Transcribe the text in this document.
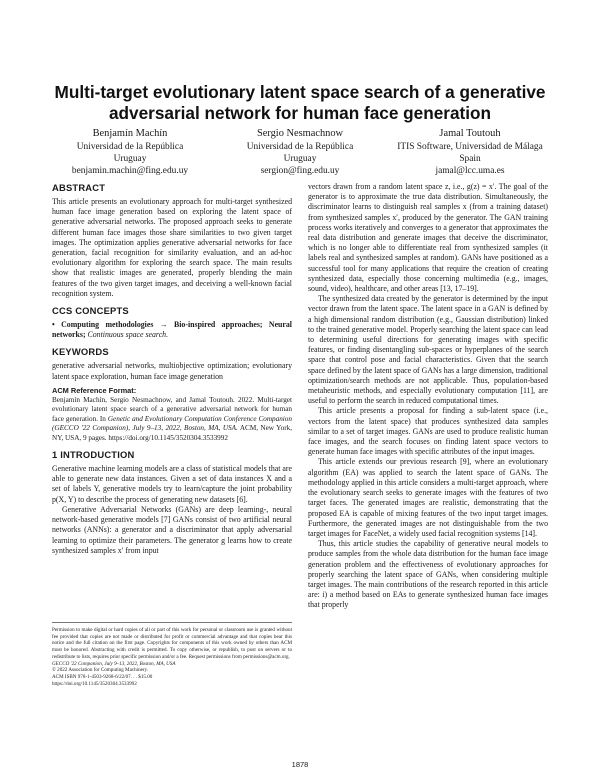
Multi-target evolutionary latent space search of a generative adversarial network for human face generation
Benjamín Machín
Universidad de la República
Uruguay
benjamin.machin@fing.edu.uy
Sergio Nesmachnow
Universidad de la República
Uruguay
sergion@fing.edu.uy
Jamal Toutouh
ITIS Software, Universidad de Málaga
Spain
jamal@lcc.uma.es
ABSTRACT

This article presents an evolutionary approach for multi-target synthesized human face image generation based on exploring the latent space of generative adversarial networks. The proposed approach seeks to generate different human face images those share similarities to two given target images. The optimization applies generative adversarial networks for face generation, facial recognition for similarity evaluation, and an ad-hoc evolutionary algorithm for exploring the search space. The main results show that realistic images are generated, properly blending the main features of the two given target images, and deceiving a well-known facial recognition system.

CCS CONCEPTS

• Computing methodologies → Bio-inspired approaches; Neural networks; Continuous space search.

KEYWORDS

generative adversarial networks, multiobjective optimization; evolutionary latent space exploration, human face image generation

ACM Reference Format:

Benjamín Machín, Sergio Nesmachnow, and Jamal Toutouh. 2022. Multi-target evolutionary latent space search of a generative adversarial network for human face generation. In Genetic and Evolutionary Computation Conference Companion (GECCO '22 Companion), July 9–13, 2022, Boston, MA, USA. ACM, New York, NY, USA, 9 pages. https://doi.org/10.1145/3520304.3533992

1 INTRODUCTION

Generative machine learning models are a class of statistical models that are able to generate new data instances. Given a set of data instances X and a set of labels Y, generative models try to learn/capture the joint probability p(X, Y) to describe the process of generating new datasets [6].

Generative Adversarial Networks (GANs) are deep learning-, neural network-based generative models [7] GANs consist of two artificial neural networks (ANNs): a generator and a discriminator that apply adversarial learning to optimize their parameters. The generator g learns how to create synthesized samples x′ from input

Permission to make digital or hard copies of all or part of this work for personal or classroom use is granted without fee provided that copies are not made or distributed for profit or commercial advantage and that copies bear this notice and the full citation on the first page. Copyrights for components of this work owned by others than ACM must be honored. Abstracting with credit is permitted. To copy otherwise, or republish, to post on servers or to redistribute to lists, requires prior specific permission and/or a fee. Request permissions from permissions@acm.org.

GECCO '22 Companion, July 9–13, 2022, Boston, MA, USA

© 2022 Association for Computing Machinery.

ACM ISBN 978-1-4503-9268-6/22/07. . . $15.00

https://doi.org/10.1145/3520304.3533992

vectors drawn from a random latent space z, i.e., g(z) = x′. The goal of the generator is to approximate the true data distribution. Simultaneously, the discriminator learns to distinguish real samples x (from a training dataset) from synthesized samples x′, produced by the generator. The GAN training process works iteratively and converges to a generator that approximates the real data distribution and generate images that deceive the discriminator, which is no longer able to differentiate real from synthesized samples (it labels real and synthesized samples at random). GANs have positioned as a successful tool for many applications that require the creation of creating synthesized data, especially those concerning multimedia (e.g., images, sound, video), healthcare, and other areas [13, 17–19].

The synthesized data created by the generator is determined by the input vector drawn from the latent space. The latent space in a GAN is defined by a high dimensional random distribution (e.g., Gaussian distribution) linked to the trained generative model. Properly searching the latent space can lead to determining useful directions for generating images with specific features, or finding disentangling sub-spaces or hyperplanes of the search space that control pose and facial characteristics. Given that the search space defined by the latent space of GANs has a large dimension, traditional optimization/search methods are not applicable. Thus, population-based metaheuristic methods, and especially evolutionary computation [11], are useful to perform the search in reduced computational times.

This article presents a proposal for finding a sub-latent space (i.e., vectors from the latent space) that produces synthesized data samples similar to a set of target images. GANs are used to produce realistic human face images, and the search focuses on finding latent space vectors to generate human face images with specific attributes of the input images.

This article extends our previous research [9], where an evolutionary algorithm (EA) was applied to search the latent space of GANs. The methodology applied in this article considers a multi-target approach, where the evolutionary search seeks to generate images with the features of two target faces. The generated images are realistic, demonstrating that the proposed EA is capable of mixing features of the two input target images. Furthermore, the generated images are not distinguishable from the two target images for FaceNet, a widely used facial recognition systems [14].

Thus, this article studies the capability of generative neural models to produce samples from the whole data distribution for the human face image generation problem and the effectiveness of evolutionary approaches for properly searching the latent space of GANs, when considering multiple target images. The main contributions of the research reported in this article are: i) a method based on EAs to generate synthesized human face images that properly

1878
